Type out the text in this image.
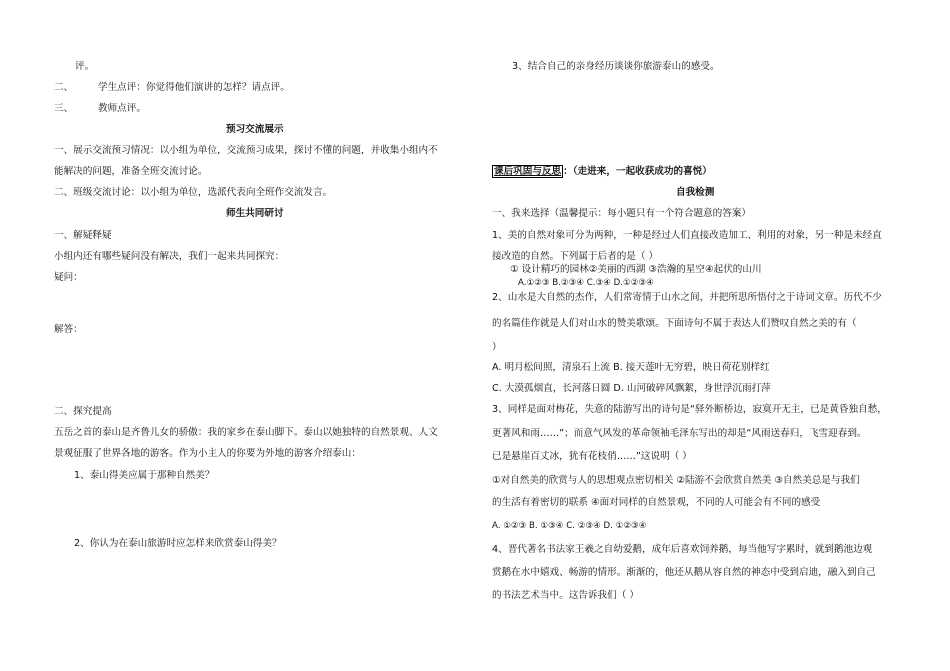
评。
二、	学生点评：你觉得他们演讲的怎样？请点评。
三、	教师点评。
预习交流展示
一、展示交流预习情况：以小组为单位，交流预习成果，探讨不懂的问题，并收集小组内不
能解决的问题，准备全班交流讨论。
二、班级交流讨论：以小组为单位，选派代表向全班作交流发言。
师生共同研讨
一、解疑释疑
小组内还有哪些疑问没有解决，我们一起来共同探究：
疑问：
解答：
二、探究提高
五岳之首的泰山是齐鲁儿女的骄傲：我的家乡在泰山脚下。泰山以她独特的自然景观、人文
景观征服了世界各地的游客。作为小主人的你要为外地的游客介绍泰山：
1、泰山得美应属于那种自然美？
2、你认为在泰山旅游时应怎样来欣赏泰山得美？
3、结合自己的亲身经历谈谈你旅游泰山的感受。
课后巩固与反思 ：（走进来，一起收获成功的喜悦）
自我检测
一、我来选择（温馨提示：每小题只有一个符合题意的答案）
1、美的自然对象可分为两种，一种是经过人们直接改造加工、利用的对象，另一种是未经直
接改造的自然。下列属于后者的是（ ）
① 设计精巧的园林②美丽的西湖 ③浩瀚的星空④起伏的山川
A.①②③ B.②③④ C.③④ D.①②③④
2、山水是大自然的杰作，人们常寄情于山水之间，并把所思所悟付之于诗词文章。历代不少
的名篇佳作就是人们对山水的赞美歌颂。下面诗句不属于表达人们赞叹自然之美的有（
）
A. 明月松间照，清泉石上流 B. 接天莲叶无穷碧，映日荷花别样红
C. 大漠孤烟直，长河落日圆 D. 山河破碎风飘絮，身世浮沉雨打萍
3、同样是面对梅花，失意的陆游写出的诗句是“驿外断桥边，寂寞开无主，已是黄昏独自愁，
更著风和雨……”；而意气风发的革命领袖毛泽东写出的却是“风雨送春归，飞雪迎春到。
已是悬崖百丈冰，犹有花枝俏……”这说明（ ）
①对自然美的欣赏与人的思想观点密切相关 ②陆游不会欣赏自然美 ③自然美总是与我们
的生活有着密切的联系 ④面对同样的自然景观，不同的人可能会有不同的感受
A. ①②③ B. ①③④ C. ②③④ D. ①②③④
4、晋代著名书法家王羲之自幼爱鹅，成年后喜欢饲养鹅，每当他写字累时，就到鹅池边观
赏鹅在水中嬉戏、畅游的情形。渐渐的，他还从鹅从容自然的神态中受到启迪，融入到自己
的书法艺术当中。这告诉我们（ ）
